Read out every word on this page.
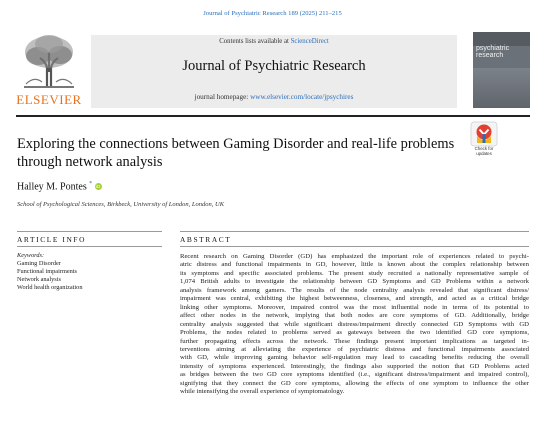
Journal of Psychiatric Research 189 (2025) 211–215
ELSEVIER
Contents lists available at ScienceDirect
Journal of Psychiatric Research
journal homepage: www.elsevier.com/locate/jpsychires
psychiatric
research
Exploring the connections between Gaming Disorder and real-life problems
through network analysis
Check for
updates
Halley M. Pontes * iD
School of Psychological Sciences, Birkbeck, University of London, London, UK
ARTICLE INFO	ABSTRACT
Keywords:
Gaming Disorder
Functional impairments
Network analysis
World health organization
Recent research on Gaming Disorder (GD) has emphasized the important role of experiences related to psychi-
atric distress and functional impairments in GD, however, little is known about the complex relationship between
its symptoms and specific associated problems. The present study recruited a nationally representative sample of
1,074 British adults to investigate the relationship between GD Symptoms and GD Problems within a network
analysis framework among gamers. The results of the node centrality analysis revealed that significant distress/
impairment was central, exhibiting the highest betweenness, closeness, and strength, and acted as a critical bridge
linking other symptoms. Moreover, impaired control was the most influential node in terms of its potential to
affect other nodes in the network, implying that both nodes are core symptoms of GD. Additionally, bridge
centrality analysis suggested that while significant distress/impairment directly connected GD Symptoms with GD
Problems, the nodes related to problems served as gateways between the two identified GD core symptoms,
further propagating effects across the network. These findings present important implications as targeted in-
terventions aiming at alleviating the experience of psychiatric distress and functional impairments associated
with GD, while improving gaming behavior self-regulation may lead to cascading benefits reducing the overall
intensity of symptoms experienced. Interestingly, the findings also supported the notion that GD Problems acted
as bridges between the two GD core symptoms identified (i.e., significant distress/impairment and impaired control),
signifying that they connect the GD core symptoms, allowing the effects of one symptom to influence the other
while intensifying the overall experience of symptomatology.
